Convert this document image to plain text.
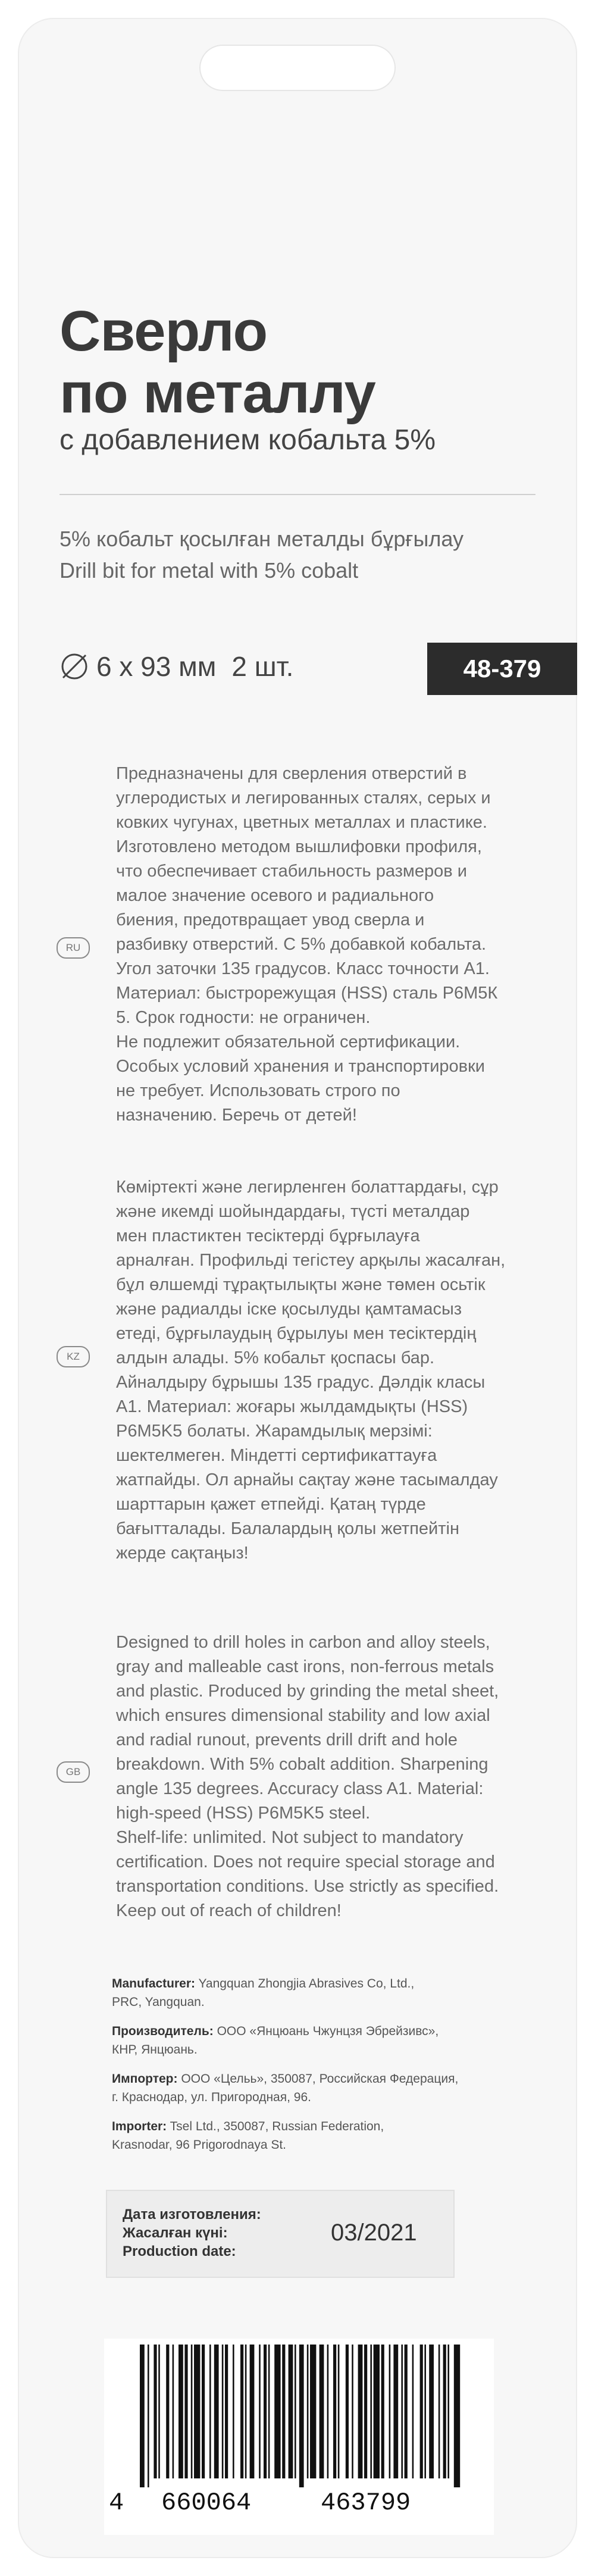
Сверло
по металлу
с добавлением кобальта 5%
5% кобальт қосылған металды бұрғылау
Drill bit for metal with 5% cobalt
6 х 93 мм 2 шт.	48-379
RU
Предназначены для сверления отверстий в
углеродистых и легированных сталях, серых и
ковких чугунах, цветных металлах и пластике.
Изготовлено методом вышлифовки профиля,
что обеспечивает стабильность размеров и
малое значение осевого и радиального
биения, предотвращает увод сверла и
разбивку отверстий. С 5% добавкой кобальта.
Угол заточки 135 градусов. Класс точности А1.
Материал: быстрорежущая (HSS) сталь Р6М5К
5. Срок годности: не ограничен.
Не подлежит обязательной сертификации.
Особых условий хранения и транспортировки
не требует. Использовать строго по
назначению. Беречь от детей!
KZ
Көміртекті және легирленген болаттардағы, сұр
және икемді шойындардағы, түсті металдар
мен пластиктен тесіктерді бұрғылауға
арналған. Профильді тегістеу арқылы жасалған,
бұл өлшемді тұрақтылықты және төмен осьтік
және радиалды іске қосылуды қамтамасыз
етеді, бұрғылаудың бұрылуы мен тесіктердің
алдын алады. 5% кобальт қоспасы бар.
Айналдыру бұрышы 135 градус. Дәлдік класы
А1. Материал: жоғары жылдамдықты (HSS)
P6M5K5 болаты. Жарамдылық мерзімі:
шектелмеген. Міндетті сертификаттауға
жатпайды. Ол арнайы сақтау және тасымалдау
шарттарын қажет етпейді. Қатаң түрде
бағытталады. Балалардың қолы жетпейтін
жерде сақтаңыз!
GB
Designed to drill holes in carbon and alloy steels,
gray and malleable cast irons, non-ferrous metals
and plastic. Produced by grinding the metal sheet,
which ensures dimensional stability and low axial
and radial runout, prevents drill drift and hole
breakdown. With 5% cobalt addition. Sharpening
angle 135 degrees. Accuracy class A1. Material:
high-speed (HSS) P6M5K5 steel.
Shelf-life: unlimited. Not subject to mandatory
certification. Does not require special storage and
transportation conditions. Use strictly as specified.
Keep out of reach of children!
Manufacturer: Yangquan Zhongjia Abrasives Co, Ltd.,
PRC, Yangquan.
Производитель: ООО «Янцюань Чжунцзя Эбрейзивс»,
КНР, Янцюань.
Импортер: ООО «Цельь», 350087, Российская Федерация,
г. Краснодар, ул. Пригородная, 96.
Importer: Tsel Ltd., 350087, Russian Federation,
Krasnodar, 96 Prigorodnaya St.
Дата изготовления:
Жасалған күні:
Production date:
03/2021
4 660064	463799
